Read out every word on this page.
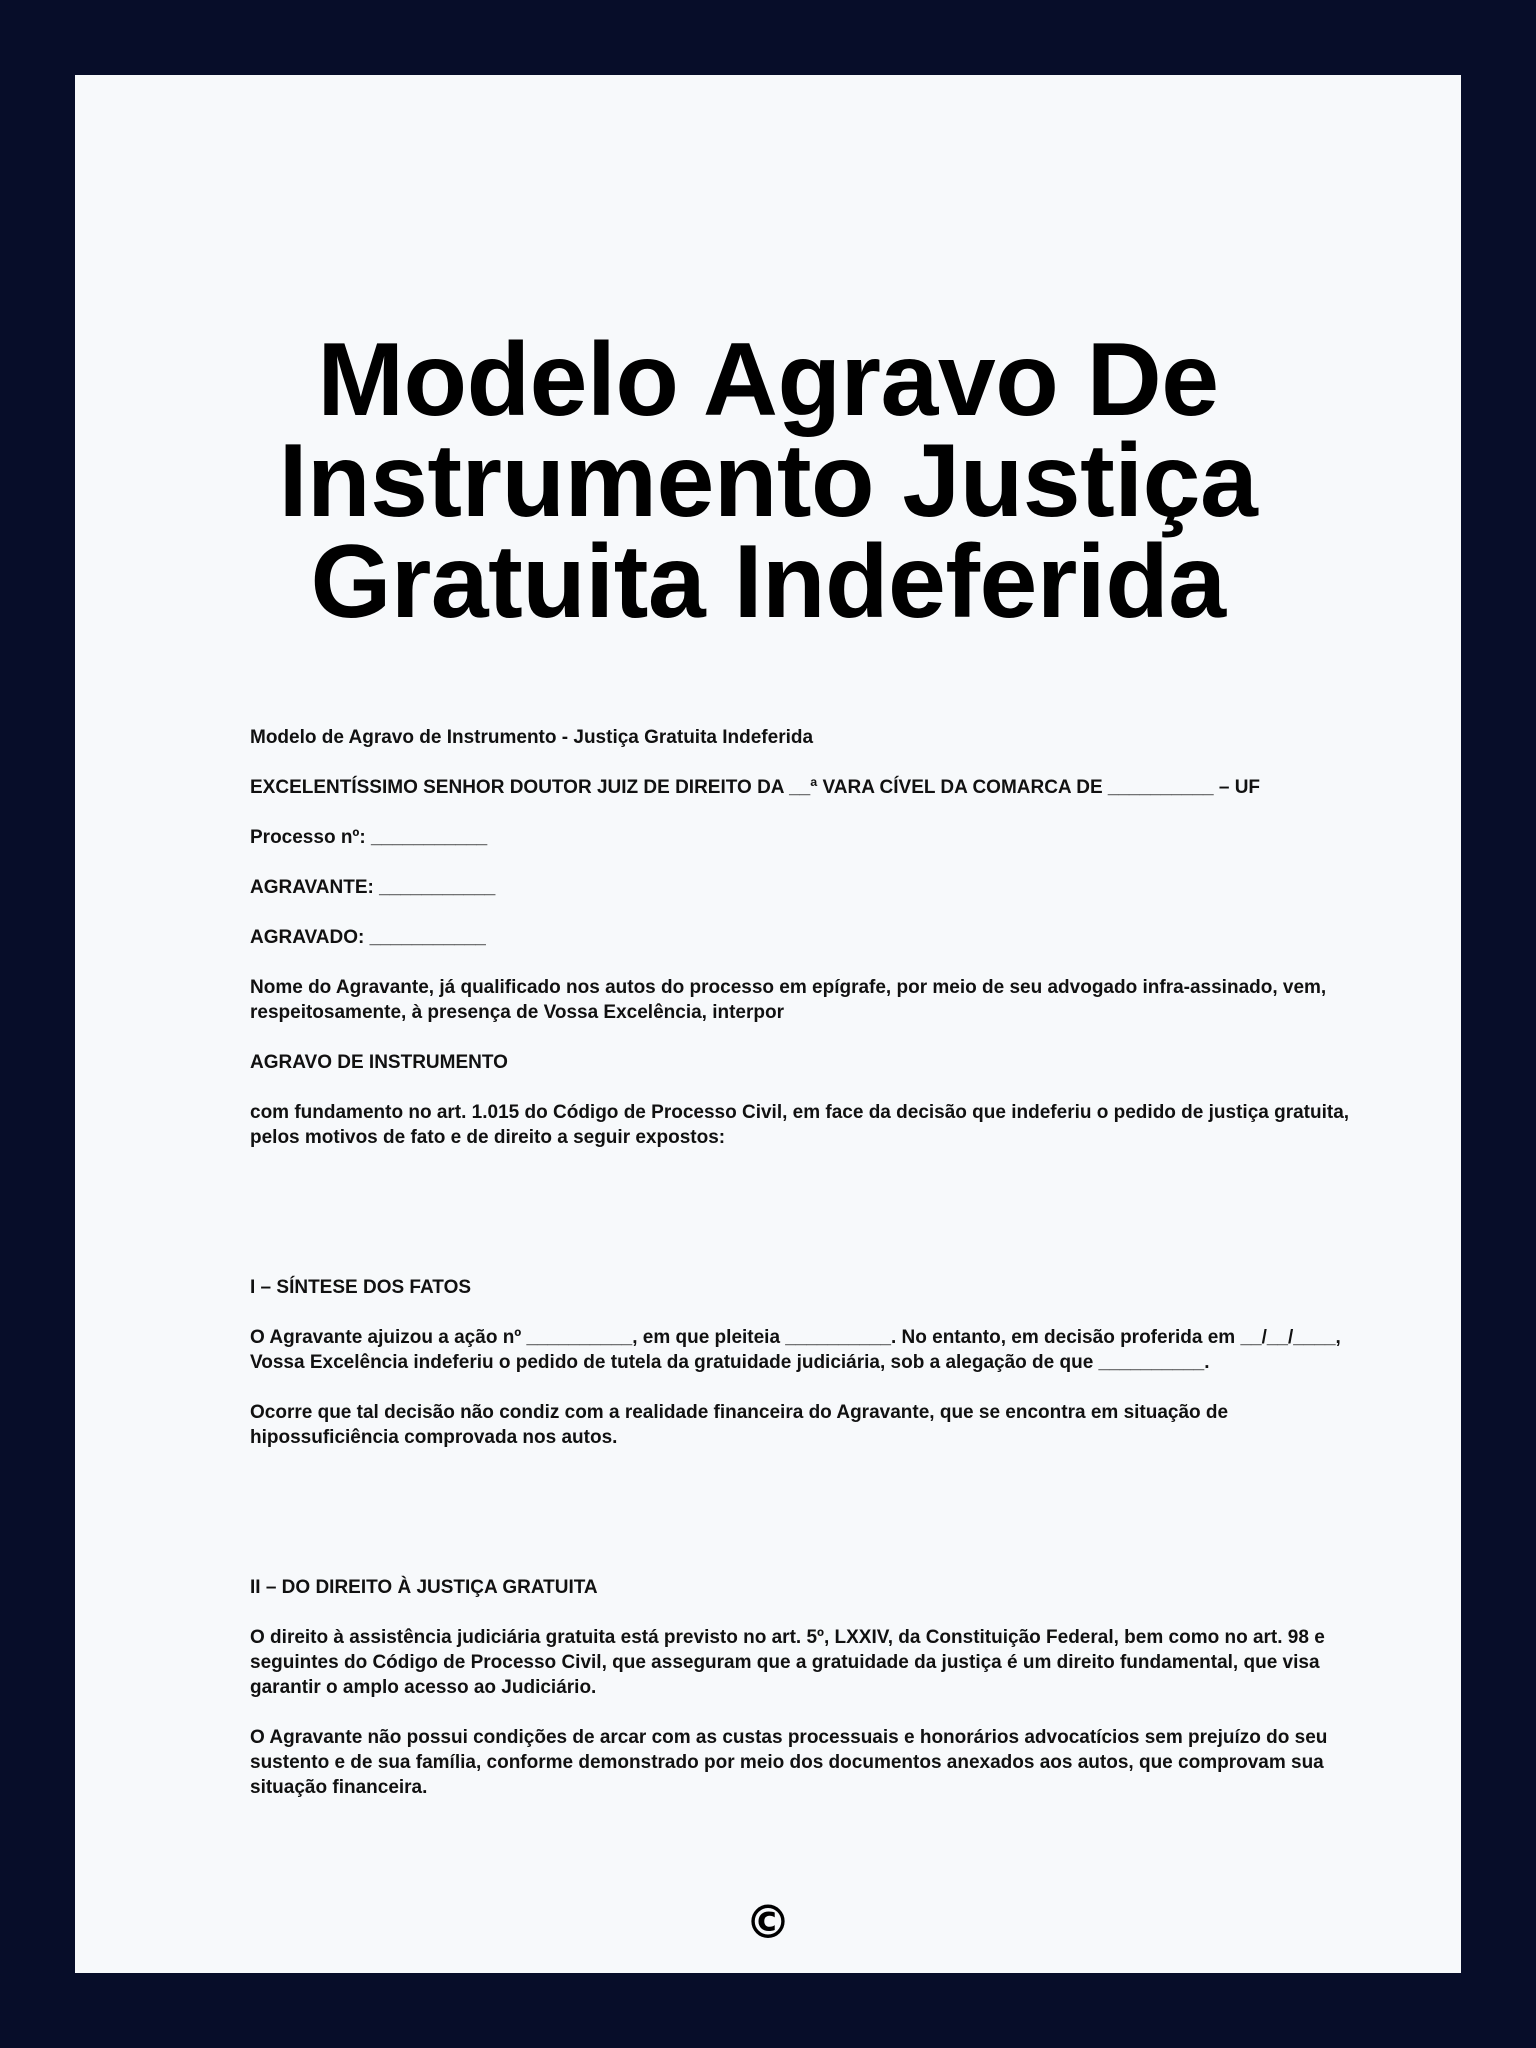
Modelo Agravo De Instrumento Justiça Gratuita Indeferida

Modelo de Agravo de Instrumento - Justiça Gratuita Indeferida

EXCELENTÍSSIMO SENHOR DOUTOR JUIZ DE DIREITO DA __ª VARA CÍVEL DA COMARCA DE __________ – UF

Processo nº: ___________

AGRAVANTE: ___________

AGRAVADO: ___________

Nome do Agravante, já qualificado nos autos do processo em epígrafe, por meio de seu advogado infra-assinado, vem, respeitosamente, à presença de Vossa Excelência, interpor

AGRAVO DE INSTRUMENTO

com fundamento no art. 1.015 do Código de Processo Civil, em face da decisão que indeferiu o pedido de justiça gratuita, pelos motivos de fato e de direito a seguir expostos:

I – SÍNTESE DOS FATOS

O Agravante ajuizou a ação nº __________, em que pleiteia __________. No entanto, em decisão proferida em __/__/____, Vossa Excelência indeferiu o pedido de tutela da gratuidade judiciária, sob a alegação de que __________.

Ocorre que tal decisão não condiz com a realidade financeira do Agravante, que se encontra em situação de hipossuficiência comprovada nos autos.

II – DO DIREITO À JUSTIÇA GRATUITA

O direito à assistência judiciária gratuita está previsto no art. 5º, LXXIV, da Constituição Federal, bem como no art. 98 e seguintes do Código de Processo Civil, que asseguram que a gratuidade da justiça é um direito fundamental, que visa garantir o amplo acesso ao Judiciário.

O Agravante não possui condições de arcar com as custas processuais e honorários advocatícios sem prejuízo do seu sustento e de sua família, conforme demonstrado por meio dos documentos anexados aos autos, que comprovam sua situação financeira.

©
